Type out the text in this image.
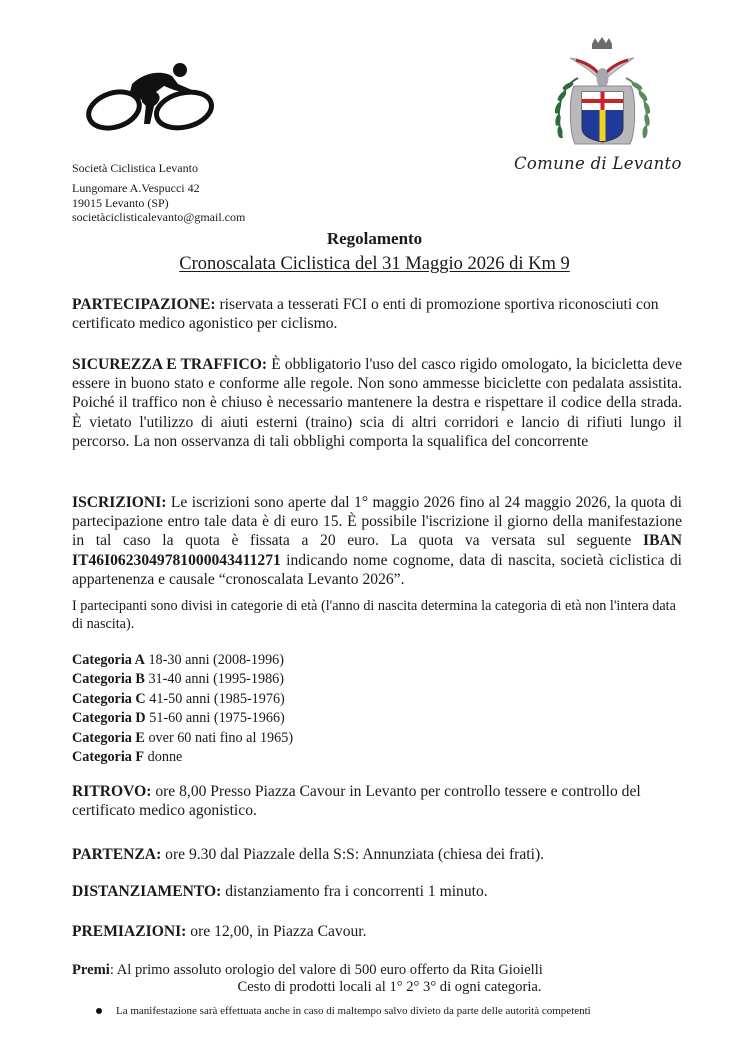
Società Ciclistica Levanto
Lungomare A.Vespucci 42
19015 Levanto (SP)
societàciclisticalevanto@gmail.com
Comune di Levanto
Regolamento
Cronoscalata Ciclistica del 31 Maggio 2026 di Km 9
PARTECIPAZIONE: riservata a tesserati FCI o enti di promozione sportiva riconosciuti con certificato medico agonistico per ciclismo.
SICUREZZA E TRAFFICO: È obbligatorio l'uso del casco rigido omologato, la bicicletta deve essere in buono stato e conforme alle regole. Non sono ammesse biciclette con pedalata assistita. Poiché il traffico non è chiuso è necessario mantenere la destra e rispettare il codice della strada. È vietato l'utilizzo di aiuti esterni (traino) scia di altri corridori e lancio di rifiuti lungo il percorso. La non osservanza di tali obblighi comporta la squalifica del concorrente
ISCRIZIONI: Le iscrizioni sono aperte dal 1° maggio 2026 fino al 24 maggio 2026, la quota di partecipazione entro tale data è di euro 15. È possibile l'iscrizione il giorno della manifestazione in tal caso la quota è fissata a 20 euro. La quota va versata sul seguente IBAN IT46I0623049781000043411271 indicando nome cognome, data di nascita, società ciclistica di appartenenza e causale “cronoscalata Levanto 2026”.
I partecipanti sono divisi in categorie di età (l'anno di nascita determina la categoria di età non l'intera data di nascita).
Categoria A 18-30 anni (2008-1996)
Categoria B 31-40 anni (1995-1986)
Categoria C 41-50 anni (1985-1976)
Categoria D 51-60 anni (1975-1966)
Categoria E over 60 nati fino al 1965)
Categoria F donne
RITROVO: ore 8,00 Presso Piazza Cavour in Levanto per controllo tessere e controllo del certificato medico agonistico.
PARTENZA: ore 9.30 dal Piazzale della S:S: Annunziata (chiesa dei frati).
DISTANZIAMENTO: distanziamento fra i concorrenti 1 minuto.
PREMIAZIONI: ore 12,00, in Piazza Cavour.
Premi: Al primo assoluto orologio del valore di 500 euro offerto da Rita Gioielli
Cesto di prodotti locali al 1° 2° 3° di ogni categoria.
La manifestazione sarà effettuata anche in caso di maltempo salvo divieto da parte delle autorità competenti
